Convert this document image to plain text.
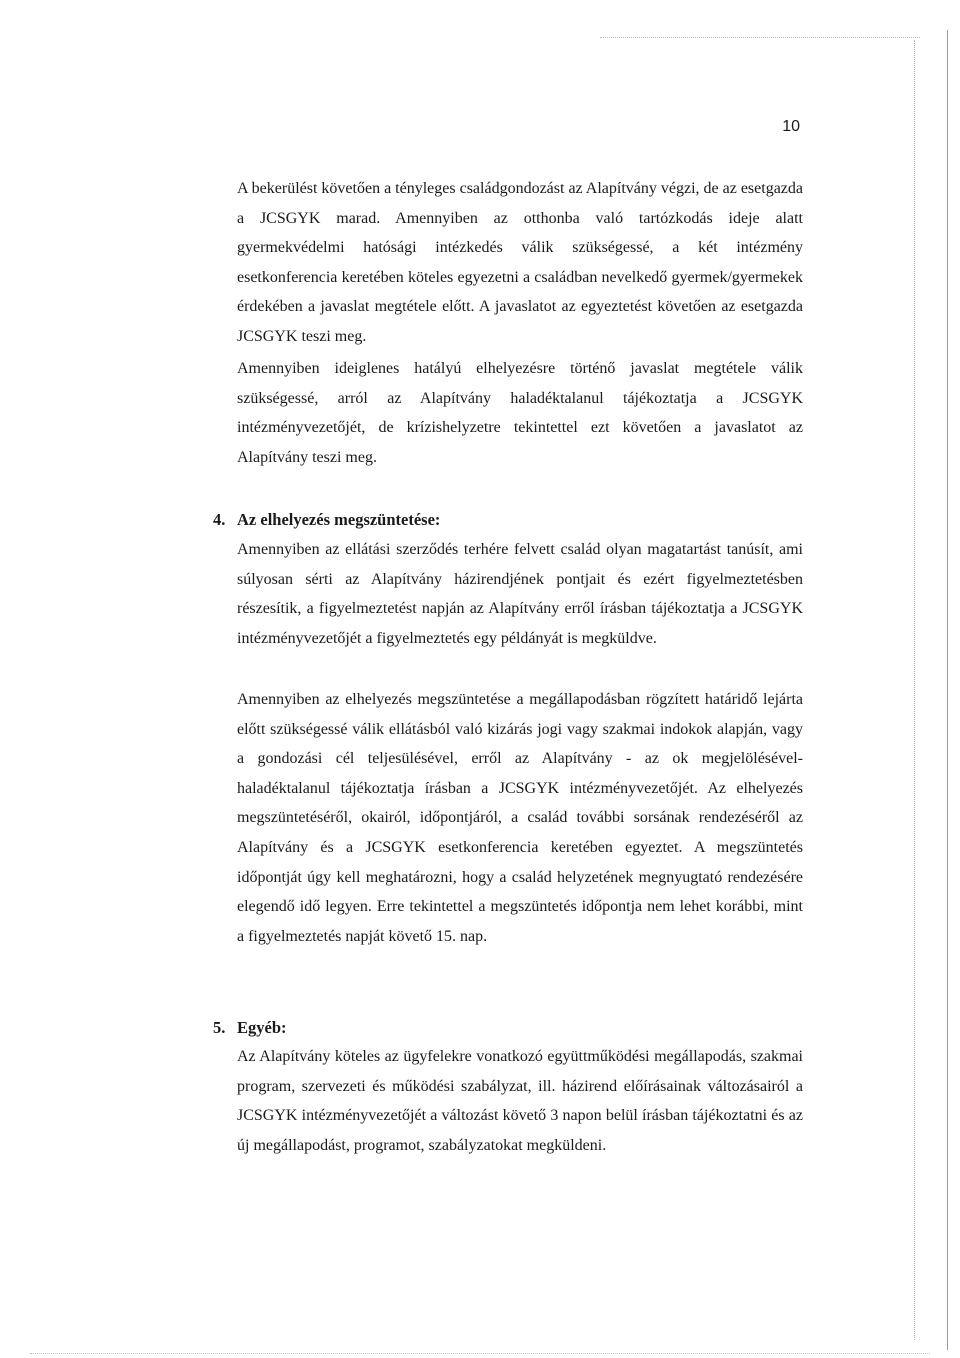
10

A bekerülést követően a tényleges családgondozást az Alapítvány végzi, de az esetgazda a JCSGYK marad. Amennyiben az otthonba való tartózkodás ideje alatt gyermekvédelmi hatósági intézkedés válik szükségessé, a két intézmény esetkonferencia keretében köteles egyezetni a családban nevelkedő gyermek/gyermekek érdekében a javaslat megtétele előtt. A javaslatot az egyeztetést követően az esetgazda JCSGYK teszi meg.

Amennyiben ideiglenes hatályú elhelyezésre történő javaslat megtétele válik szükségessé, arról az Alapítvány haladéktalanul tájékoztatja a JCSGYK intézményvezetőjét, de krízishelyzetre tekintettel ezt követően a javaslatot az Alapítvány teszi meg.

4. Az elhelyezés megszüntetése:

Amennyiben az ellátási szerződés terhére felvett család olyan magatartást tanúsít, ami súlyosan sérti az Alapítvány házirendjének pontjait és ezért figyelmeztetésben részesítik, a figyelmeztetést napján az Alapítvány erről írásban tájékoztatja a JCSGYK intézményvezetőjét a figyelmeztetés egy példányát is megküldve.

Amennyiben az elhelyezés megszüntetése a megállapodásban rögzített határidő lejárta előtt szükségessé válik ellátásból való kizárás jogi vagy szakmai indokok alapján, vagy a gondozási cél teljesülésével, erről az Alapítvány - az ok megjelölésével- haladéktalanul tájékoztatja írásban a JCSGYK intézményvezetőjét. Az elhelyezés megszüntetéséről, okairól, időpontjáról, a család további sorsának rendezéséről az Alapítvány és a JCSGYK esetkonferencia keretében egyeztet. A megszüntetés időpontját úgy kell meghatározni, hogy a család helyzetének megnyugtató rendezésére elegendő idő legyen. Erre tekintettel a megszüntetés időpontja nem lehet korábbi, mint a figyelmeztetés napját követő 15. nap.

5. Egyéb:

Az Alapítvány köteles az ügyfelekre vonatkozó együttműködési megállapodás, szakmai program, szervezeti és működési szabályzat, ill. házirend előírásainak változásairól a JCSGYK intézményvezetőjét a változást követő 3 napon belül írásban tájékoztatni és az új megállapodást, programot, szabályzatokat megküldeni.
